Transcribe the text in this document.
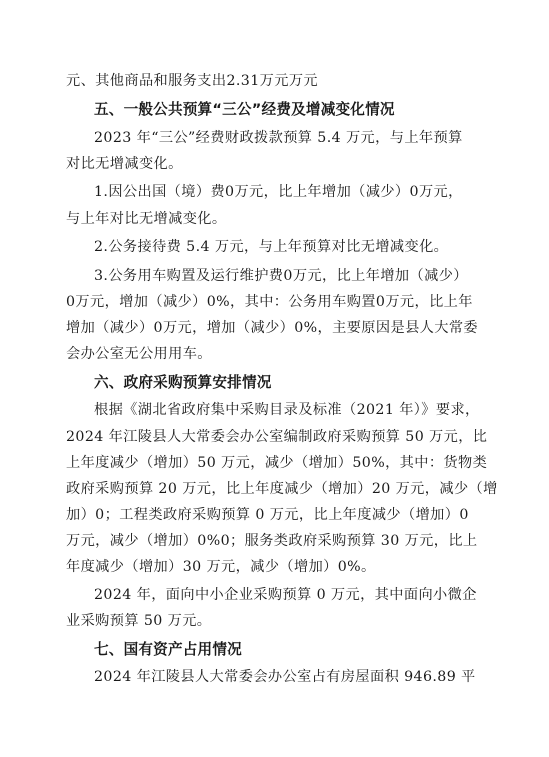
元、其他商品和服务支出2.31万元万元
五、一般公共预算“三公”经费及增减变化情况
2023 年“三公”经费财政拨款预算 5.4 万元，与上年预算
对比无增减变化。
1.因公出国（境）费0万元，比上年增加（减少）0万元，
与上年对比无增减变化。
2.公务接待费 5.4 万元，与上年预算对比无增减变化。
3.公务用车购置及运行维护费0万元，比上年增加（减少）
0万元，增加（减少）0%，其中：公务用车购置0万元，比上年
增加（减少）0万元，增加（减少）0%，主要原因是县人大常委
会办公室无公用用车。
六、政府采购预算安排情况
根据《湖北省政府集中采购目录及标准（2021 年）》要求，
2024 年江陵县人大常委会办公室编制政府采购预算 50 万元，比
上年度减少（增加）50 万元，减少（增加）50%，其中：货物类
政府采购预算 20 万元，比上年度减少（增加）20 万元，减少（增
加）0；工程类政府采购预算 0 万元，比上年度减少（增加）0
万元，减少（增加）0%0；服务类政府采购预算 30 万元，比上
年度减少（增加）30 万元，减少（增加）0%。
2024 年，面向中小企业采购预算 0 万元，其中面向小微企
业采购预算 50 万元。
七、国有资产占用情况
2024 年江陵县人大常委会办公室占有房屋面积 946.89 平
